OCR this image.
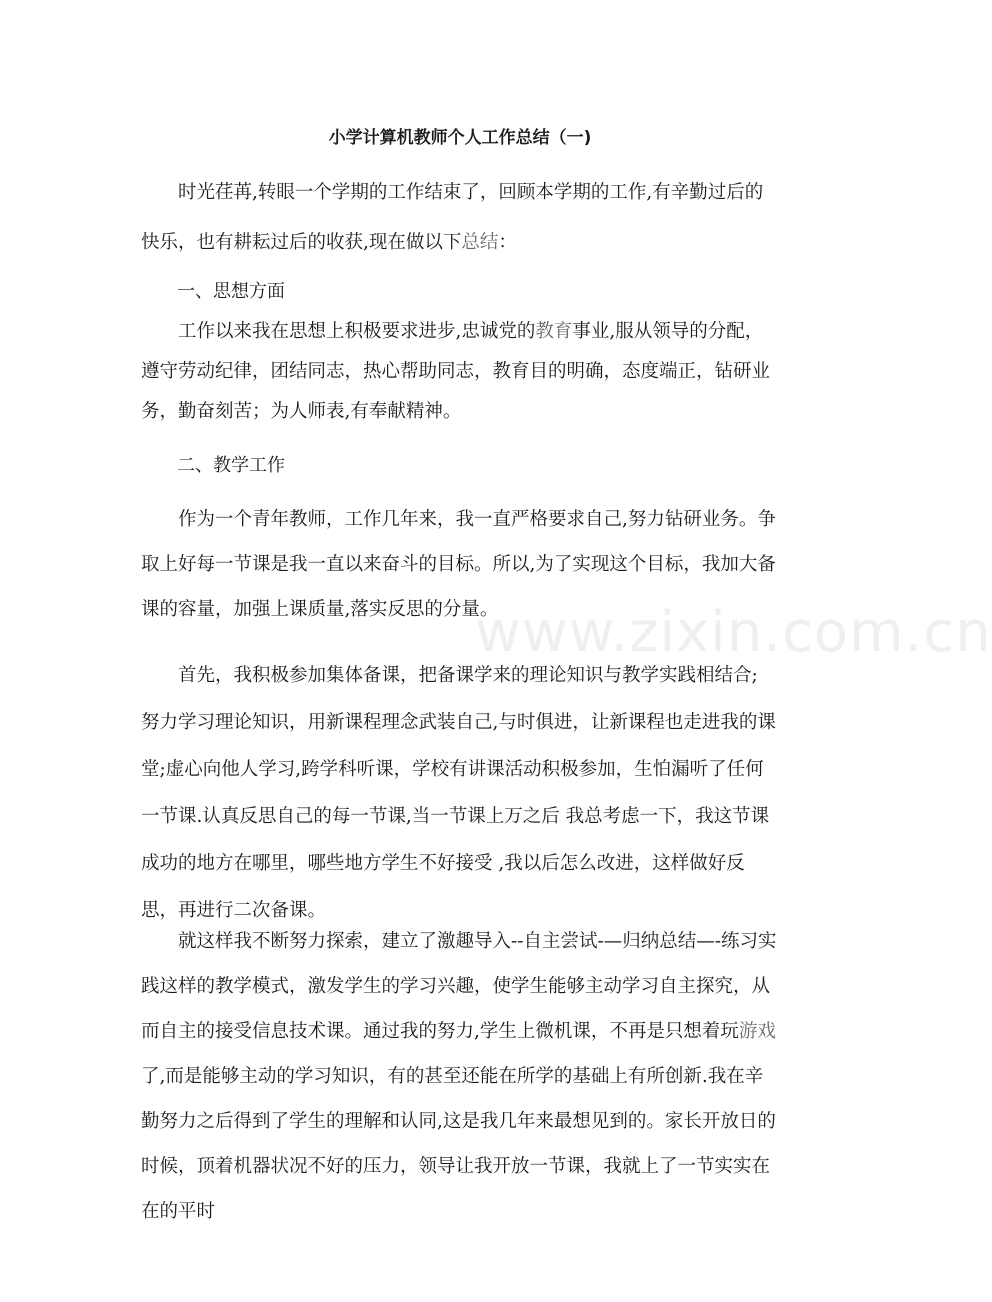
www.zixin.com.cn
小学计算机教师个人工作总结（一)
时光荏苒,转眼一个学期的工作结束了，回顾本学期的工作,有辛勤过后的快乐，也有耕耘过后的收获,现在做以下总结：
一、思想方面
工作以来我在思想上积极要求进步,忠诚党的教育事业,服从领导的分配，遵守劳动纪律，团结同志，热心帮助同志，教育目的明确，态度端正，钻研业务，勤奋刻苦；为人师表,有奉献精神。
二、教学工作
作为一个青年教师，工作几年来，我一直严格要求自己,努力钻研业务。争取上好每一节课是我一直以来奋斗的目标。所以,为了实现这个目标，我加大备课的容量，加强上课质量,落实反思的分量。
首先，我积极参加集体备课，把备课学来的理论知识与教学实践相结合; 努力学习理论知识，用新课程理念武装自己,与时俱进，让新课程也走进我的课堂;虚心向他人学习,跨学科听课，学校有讲课活动积极参加，生怕漏听了任何一节课.认真反思自己的每一节课,当一节课上万之后 我总考虑一下，我这节课成功的地方在哪里，哪些地方学生不好接受 ,我以后怎么改进，这样做好反思，再进行二次备课。
就这样我不断努力探索，建立了激趣导入--自主尝试-—归纳总结—-练习实践这样的教学模式，激发学生的学习兴趣，使学生能够主动学习自主探究，从而自主的接受信息技术课。通过我的努力,学生上微机课，不再是只想着玩游戏了,而是能够主动的学习知识，有的甚至还能在所学的基础上有所创新.我在辛勤努力之后得到了学生的理解和认同,这是我几年来最想见到的。家长开放日的时候，顶着机器状况不好的压力，领导让我开放一节课，我就上了一节实实在在的平时
